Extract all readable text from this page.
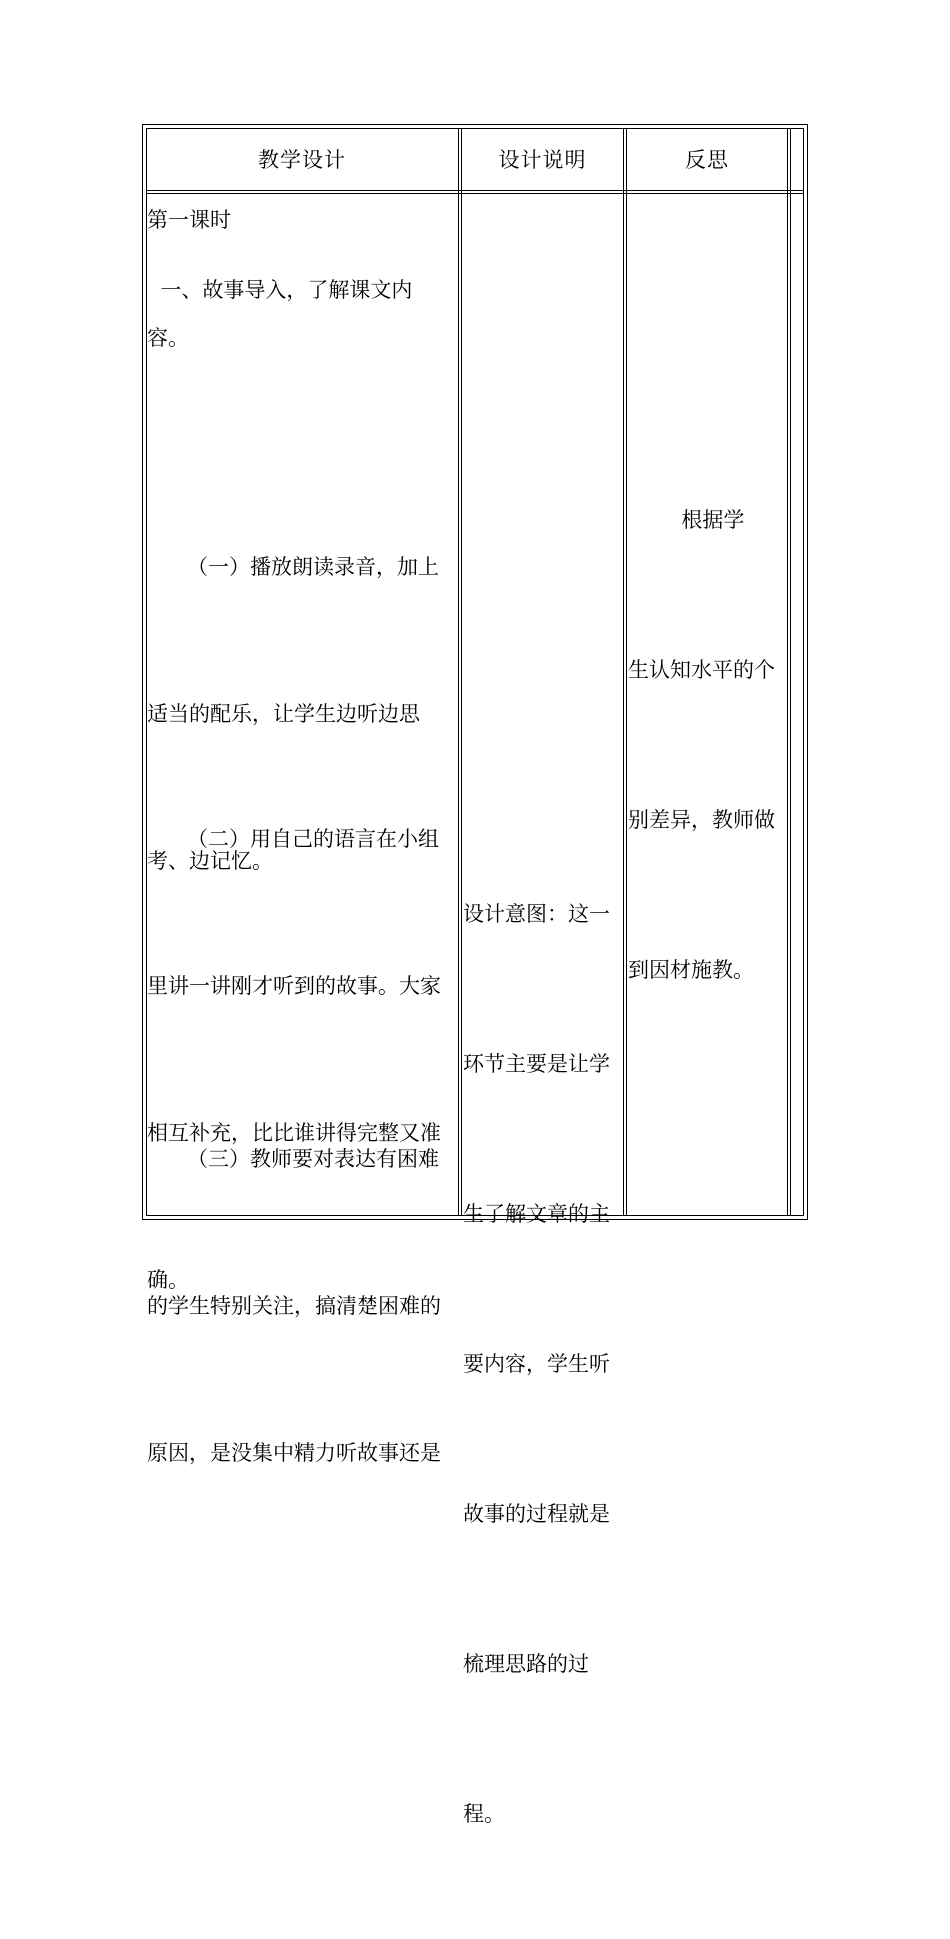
教学设计	设计说明	反思
第一课时
一、故事导入，了解课文内
容。

（一）播放朗读录音，加上

适当的配乐，让学生边听边思

考、边记忆。

（二）用自己的语言在小组

里讲一讲刚才听到的故事。大家

相互补充，比比谁讲得完整又准

确。

（三）教师要对表达有困难

的学生特别关注，搞清楚困难的

原因，是没集中精力听故事还是

设计意图：这一

环节主要是让学

生了解文章的主

要内容，学生听

故事的过程就是

梳理思路的过

程。

根据学

生认知水平的个

别差异，教师做

到因材施教。
